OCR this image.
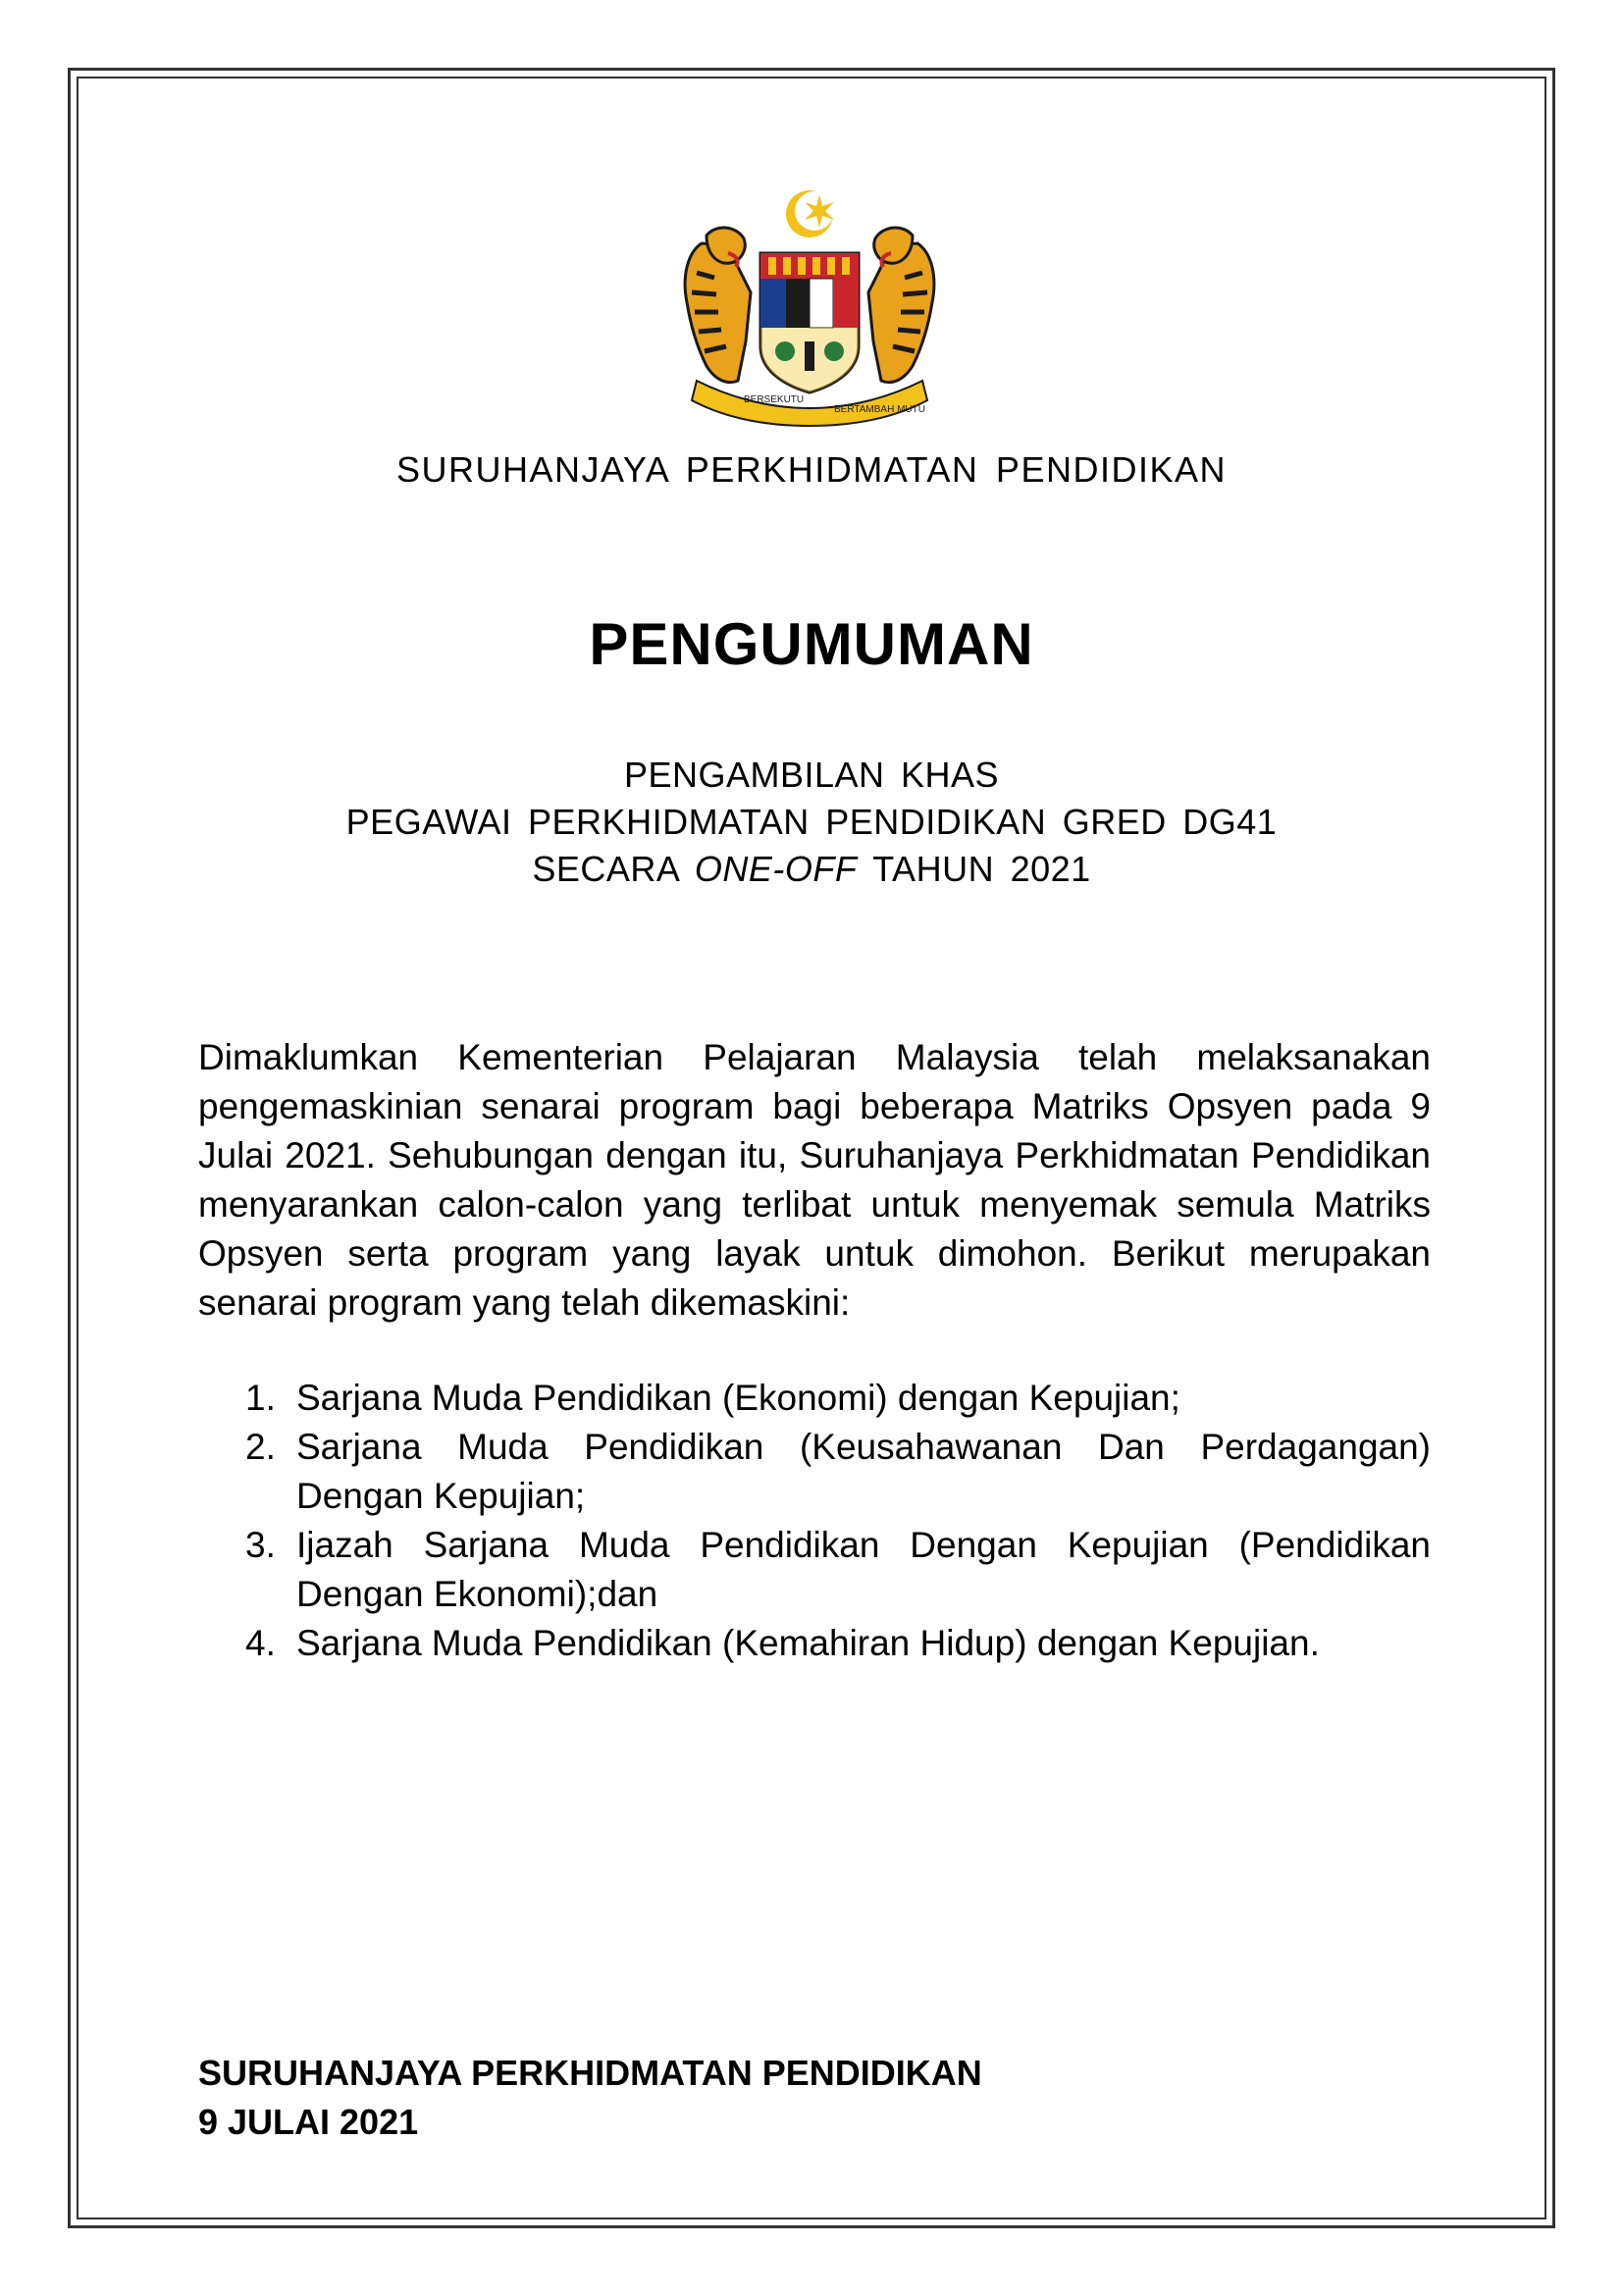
BERSEKUTU
BERTAMBAH MUTU

SURUHANJAYA PERKHIDMATAN PENDIDIKAN

PENGUMUMAN
PENGAMBILAN KHAS
PEGAWAI PERKHIDMATAN PENDIDIKAN GRED DG41
SECARA ONE-OFF TAHUN 2021

Dimaklumkan Kementerian Pelajaran Malaysia telah melaksanakan pengemaskinian senarai program bagi beberapa Matriks Opsyen pada 9 Julai 2021. Sehubungan dengan itu, Suruhanjaya Perkhidmatan Pendidikan menyarankan calon-calon yang terlibat untuk menyemak semula Matriks Opsyen serta program yang layak untuk dimohon. Berikut merupakan senarai program yang telah dikemaskini:

1. Sarjana Muda Pendidikan (Ekonomi) dengan Kepujian;
2. Sarjana Muda Pendidikan (Keusahawanan Dan Perdagangan) Dengan Kepujian;
3. Ijazah Sarjana Muda Pendidikan Dengan Kepujian (Pendidikan Dengan Ekonomi);dan
4. Sarjana Muda Pendidikan (Kemahiran Hidup) dengan Kepujian.
SURUHANJAYA PERKHIDMATAN PENDIDIKAN
9 JULAI 2021
